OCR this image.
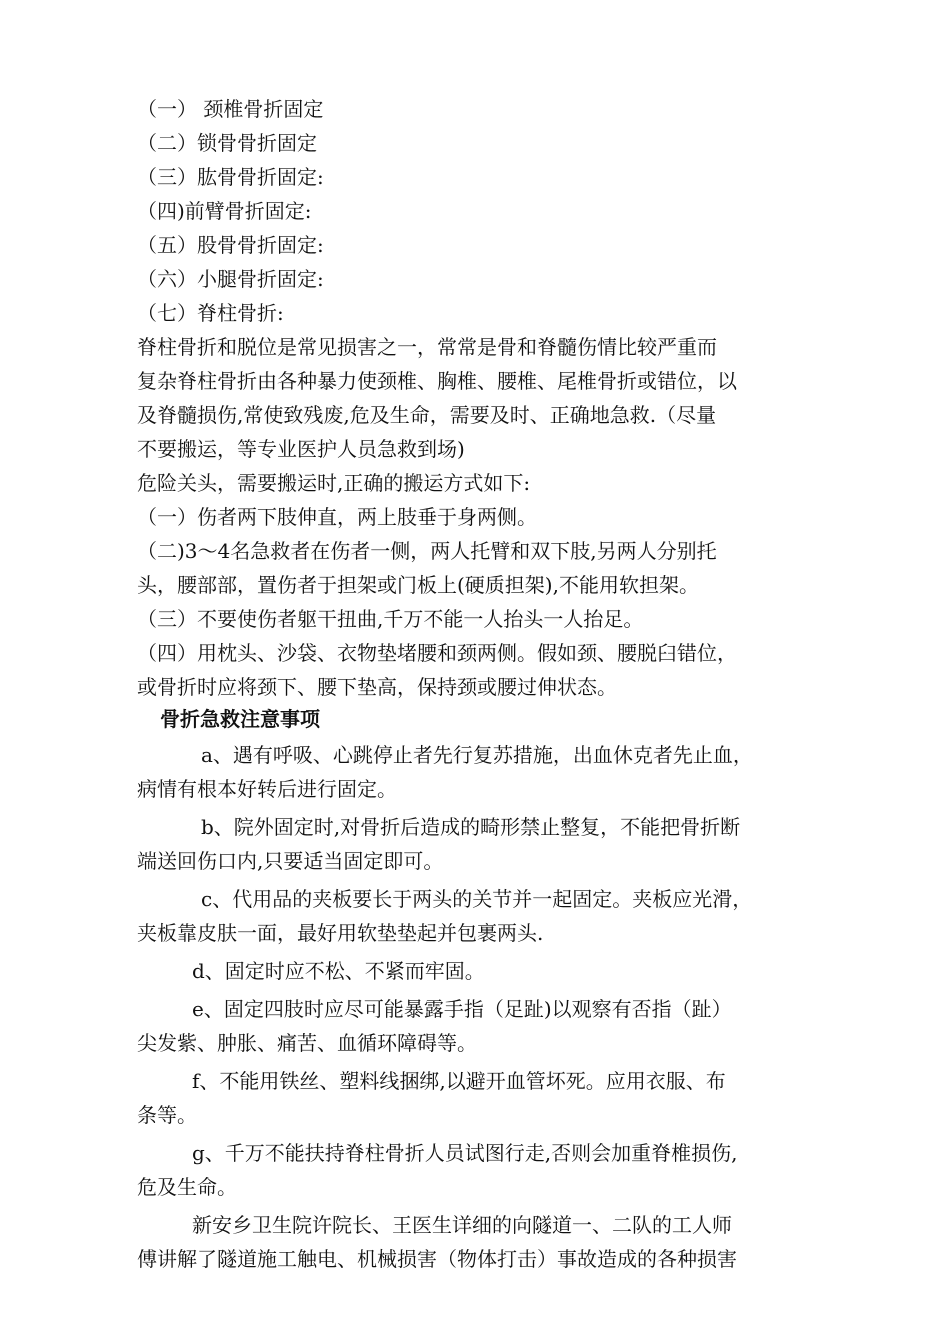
（一） 颈椎骨折固定
（二）锁骨骨折固定
（三）肱骨骨折固定:
（四)前臂骨折固定:
（五）股骨骨折固定:
（六）小腿骨折固定:
（七）脊柱骨折:
脊柱骨折和脱位是常见损害之一，常常是骨和脊髓伤情比较严重而
复杂脊柱骨折由各种暴力使颈椎、胸椎、腰椎、尾椎骨折或错位，以
及脊髓损伤,常使致残废,危及生命，需要及时、正确地急救.（尽量
不要搬运，等专业医护人员急救到场)
危险关头，需要搬运时,正确的搬运方式如下:
（一）伤者两下肢伸直，两上肢垂于身两侧。
（二)3～4名急救者在伤者一侧，两人托臂和双下肢,另两人分别托
头，腰部部，置伤者于担架或门板上(硬质担架),不能用软担架。
（三）不要使伤者躯干扭曲,千万不能一人抬头一人抬足。
（四）用枕头、沙袋、衣物垫堵腰和颈两侧。假如颈、腰脱臼错位，
或骨折时应将颈下、腰下垫高，保持颈或腰过伸状态。
骨折急救注意事项
a、遇有呼吸、心跳停止者先行复苏措施，出血休克者先止血，
病情有根本好转后进行固定。
b、院外固定时,对骨折后造成的畸形禁止整复，不能把骨折断
端送回伤口内,只要适当固定即可。
c、代用品的夹板要长于两头的关节并一起固定。夹板应光滑，
夹板靠皮肤一面，最好用软垫垫起并包裹两头.
d、固定时应不松、不紧而牢固。
e、固定四肢时应尽可能暴露手指（足趾)以观察有否指（趾）
尖发紫、肿胀、痛苦、血循环障碍等。
f、不能用铁丝、塑料线捆绑,以避开血管坏死。应用衣服、布
条等。
g、千万不能扶持脊柱骨折人员试图行走,否则会加重脊椎损伤,
危及生命。
新安乡卫生院许院长、王医生详细的向隧道一、二队的工人师
傅讲解了隧道施工触电、机械损害（物体打击）事故造成的各种损害
